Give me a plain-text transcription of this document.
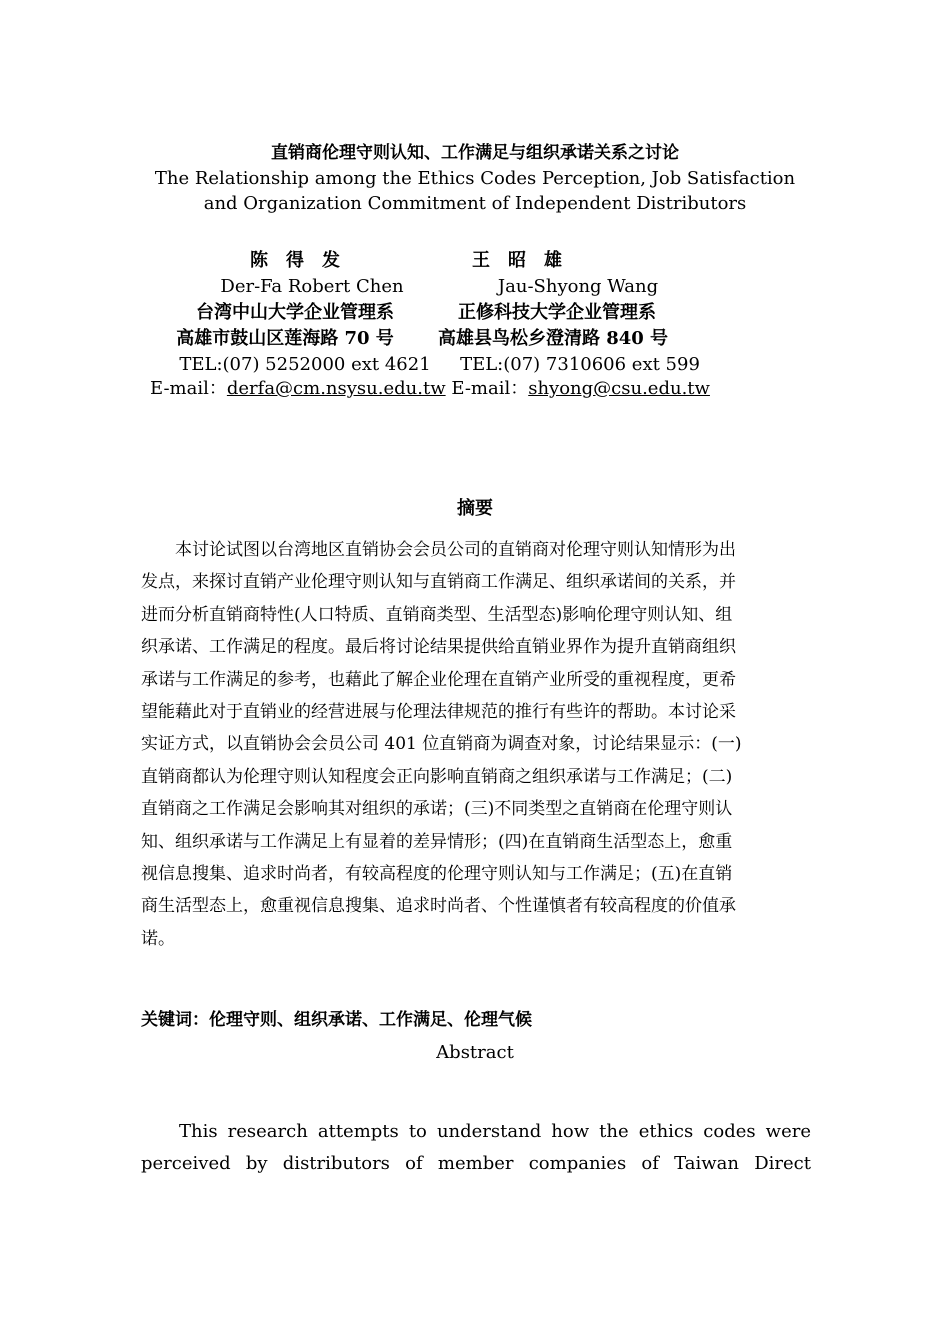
直销商伦理守则认知、工作满足与组织承诺关系之讨论
The Relationship among the Ethics Codes Perception, Job Satisfaction
and Organization Commitment of Independent Distributors
陈　得　发	王　昭　雄
Der-Fa Robert Chen	Jau-Shyong Wang
台湾中山大学企业管理系	正修科技大学企业管理系
高雄市鼓山区莲海路 70 号 高雄县鸟松乡澄清路 840 号
TEL:(07) 5252000 ext 4621 TEL:(07) 7310606 ext 599
E-mail：derfa@cm.nsysu.edu.tw E-mail：shyong@csu.edu.tw
摘要
　　本讨论试图以台湾地区直销协会会员公司的直销商对伦理守则认知情形为出
发点，来探讨直销产业伦理守则认知与直销商工作满足、组织承诺间的关系，并
进而分析直销商特性(人口特质、直销商类型、生活型态)影响伦理守则认知、组
织承诺、工作满足的程度。最后将讨论结果提供给直销业界作为提升直销商组织
承诺与工作满足的参考，也藉此了解企业伦理在直销产业所受的重视程度，更希
望能藉此对于直销业的经营进展与伦理法律规范的推行有些许的帮助。本讨论采
实证方式，以直销协会会员公司 401 位直销商为调查对象，讨论结果显示：(一)
直销商都认为伦理守则认知程度会正向影响直销商之组织承诺与工作满足；(二)
直销商之工作满足会影响其对组织的承诺；(三)不同类型之直销商在伦理守则认
知、组织承诺与工作满足上有显着的差异情形；(四)在直销商生活型态上，愈重
视信息搜集、追求时尚者，有较高程度的伦理守则认知与工作满足；(五)在直销
商生活型态上，愈重视信息搜集、追求时尚者、个性谨慎者有较高程度的价值承
诺。
关键词：伦理守则、组织承诺、工作满足、伦理气候
Abstract
This research attempts to understand how the ethics codes were
perceived by distributors of member companies of Taiwan Direct
